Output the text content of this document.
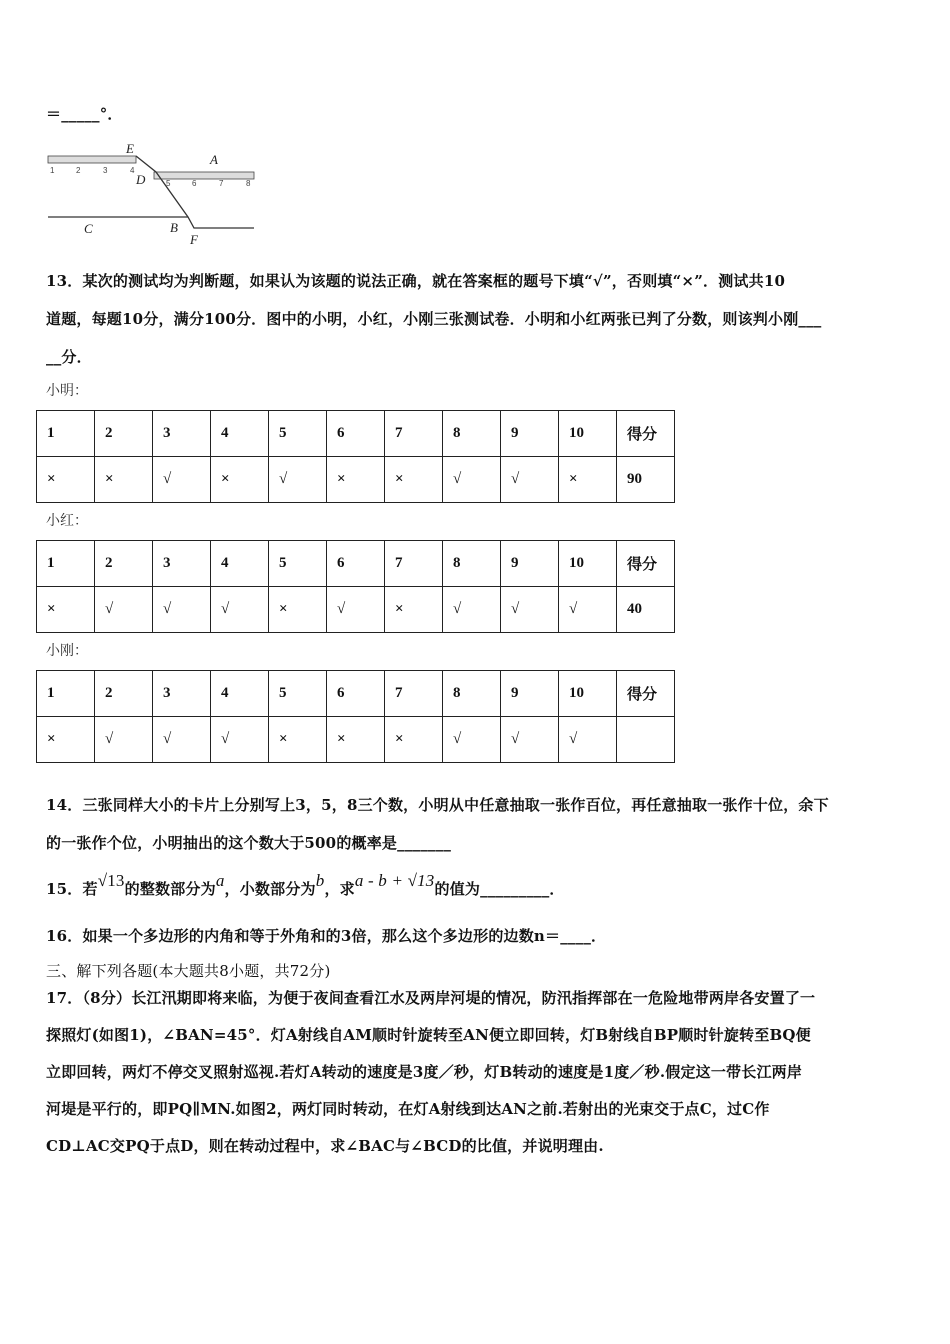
＝_____°．
E
A
D
C	B
F
1	2	3	4
5	6	7	8
13．某次的测试均为判断题，如果认为该题的说法正确，就在答案框的题号下填“√”，否则填“×”．测试共10
道题，每题10分，满分100分．图中的小明，小红，小刚三张测试卷．小明和小红两张已判了分数，则该判小刚___
__分．
小明：
1	2	3	4	5	6	7	8	9	10	得分
×	×	√	×	√	×	×	√	√	×	90
小红：
1	2	3	4	5	6	7	8	9	10	得分
×	√	√	√	×	√	×	√	√	√	40
小刚：
1	2	3	4	5	6	7	8	9	10	得分
×	√	√	√	×	×	×	√	√	√	
14．三张同样大小的卡片上分别写上3，5，8三个数，小明从中任意抽取一张作百位，再任意抽取一张作十位，余下
的一张作个位，小明抽出的这个数大于500的概率是_______
15．若√13的整数部分为a，小数部分为b，求a - b + √13的值为_________．
16．如果一个多边形的内角和等于外角和的3倍，那么这个多边形的边数n＝____．
三、解下列各题(本大题共8小题，共72分)
17．（8分）长江汛期即将来临，为便于夜间查看江水及两岸河堤的情况，防汛指挥部在一危险地带两岸各安置了一
探照灯(如图1)，∠BAN=45°．灯A射线自AM顺时针旋转至AN便立即回转，灯B射线自BP顺时针旋转至BQ便
立即回转，两灯不停交叉照射巡视.若灯A转动的速度是3度／秒，灯B转动的速度是1度／秒.假定这一带长江两岸
河堤是平行的，即PQ∥MN.如图2，两灯同时转动，在灯A射线到达AN之前.若射出的光束交于点C，过C作
CD⊥AC交PQ于点D，则在转动过程中，求∠BAC与∠BCD的比值，并说明理由.
